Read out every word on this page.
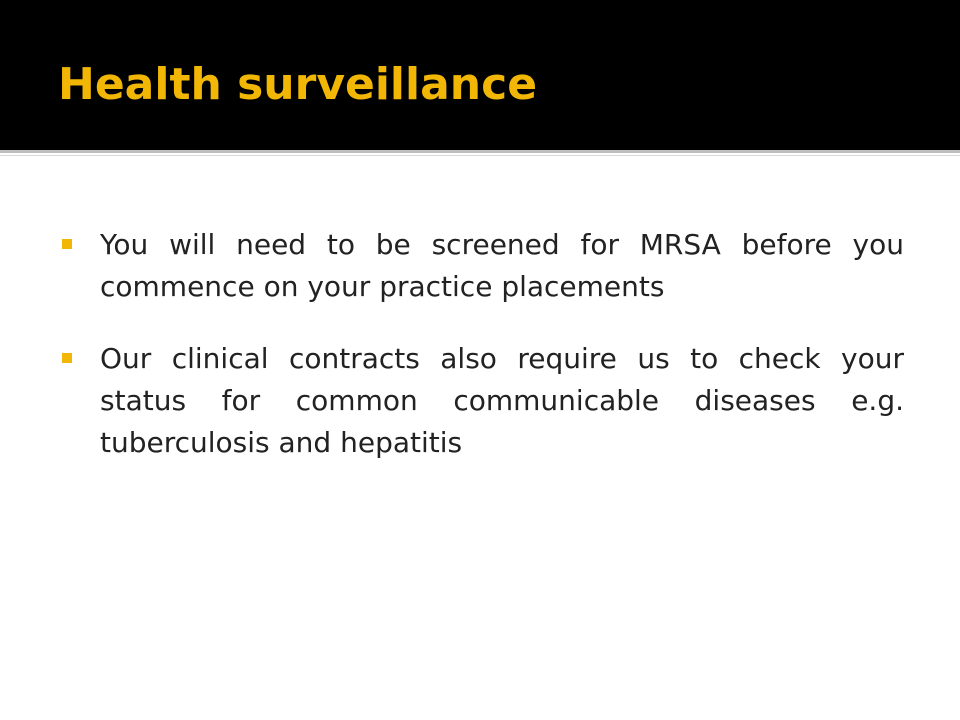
Health surveillance
You will need to be screened for MRSA before you commence on your practice placements
Our clinical contracts also require us to check your status for common communicable diseases e.g. tuberculosis and hepatitis
